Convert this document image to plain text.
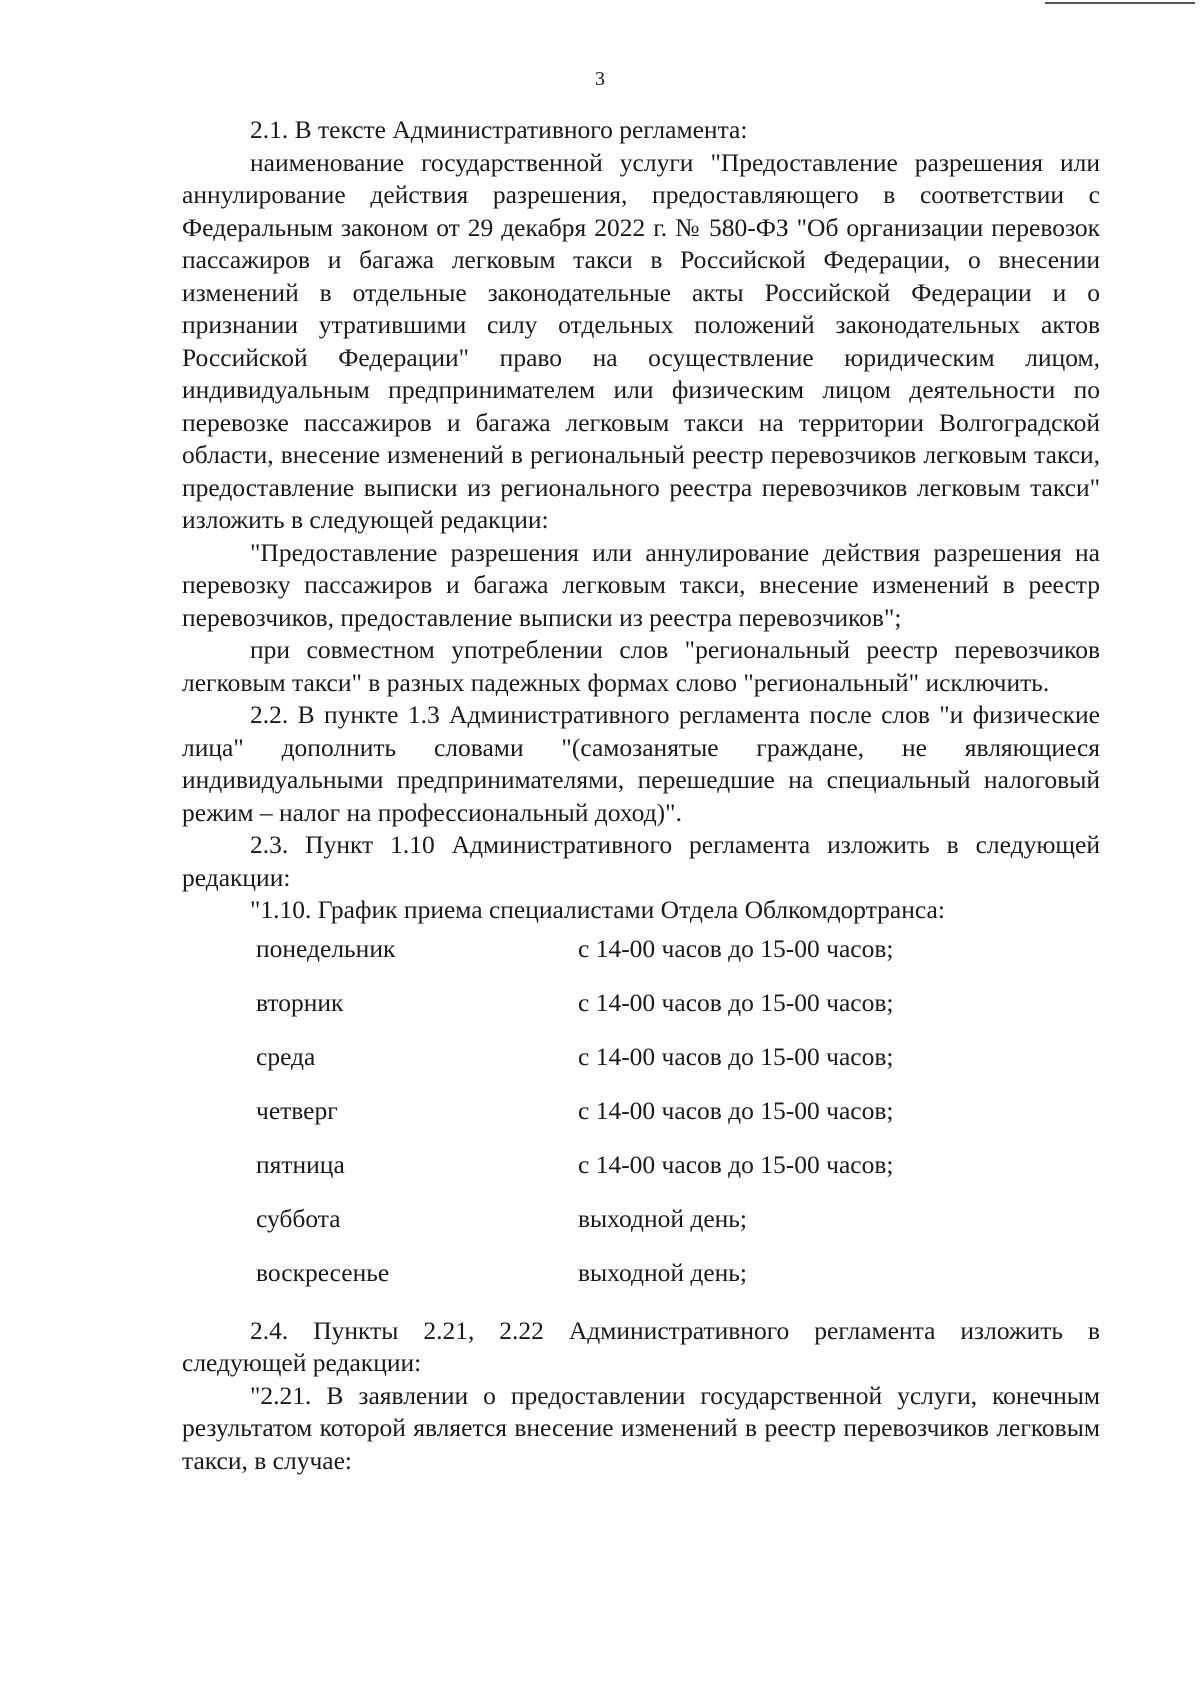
3

2.1. В тексте Административного регламента:

наименование государственной услуги "Предоставление разрешения или аннулирование действия разрешения, предоставляющего в соответствии с Федеральным законом от 29 декабря 2022 г. № 580-ФЗ "Об организации перевозок пассажиров и багажа легковым такси в Российской Федерации, о внесении изменений в отдельные законодательные акты Российской Федерации и о признании утратившими силу отдельных положений законодательных актов Российской Федерации" право на осуществление юридическим лицом, индивидуальным предпринимателем или физическим лицом деятельности по перевозке пассажиров и багажа легковым такси на территории Волгоградской области, внесение изменений в региональный реестр перевозчиков легковым такси, предоставление выписки из регионального реестра перевозчиков легковым такси" изложить в следующей редакции:

"Предоставление разрешения или аннулирование действия разрешения на перевозку пассажиров и багажа легковым такси, внесение изменений в реестр перевозчиков, предоставление выписки из реестра перевозчиков";

при совместном употреблении слов "региональный реестр перевозчиков легковым такси" в разных падежных формах слово "региональный" исключить.

2.2. В пункте 1.3 Административного регламента после слов "и физические лица" дополнить словами "(самозанятые граждане, не являющиеся индивидуальными предпринимателями, перешедшие на специальный налоговый режим – налог на профессиональный доход)".

2.3. Пункт 1.10 Административного регламента изложить в следующей редакции:

"1.10. График приема специалистами Отдела Облкомдортранса:

понедельник	с 14-00 часов до 15-00 часов;
вторник	с 14-00 часов до 15-00 часов;
среда	с 14-00 часов до 15-00 часов;
четверг	с 14-00 часов до 15-00 часов;
пятница	с 14-00 часов до 15-00 часов;
суббота	выходной день;
воскресенье	выходной день;

2.4. Пункты 2.21, 2.22 Административного регламента изложить в следующей редакции:

"2.21. В заявлении о предоставлении государственной услуги, конечным результатом которой является внесение изменений в реестр перевозчиков легковым такси, в случае:
